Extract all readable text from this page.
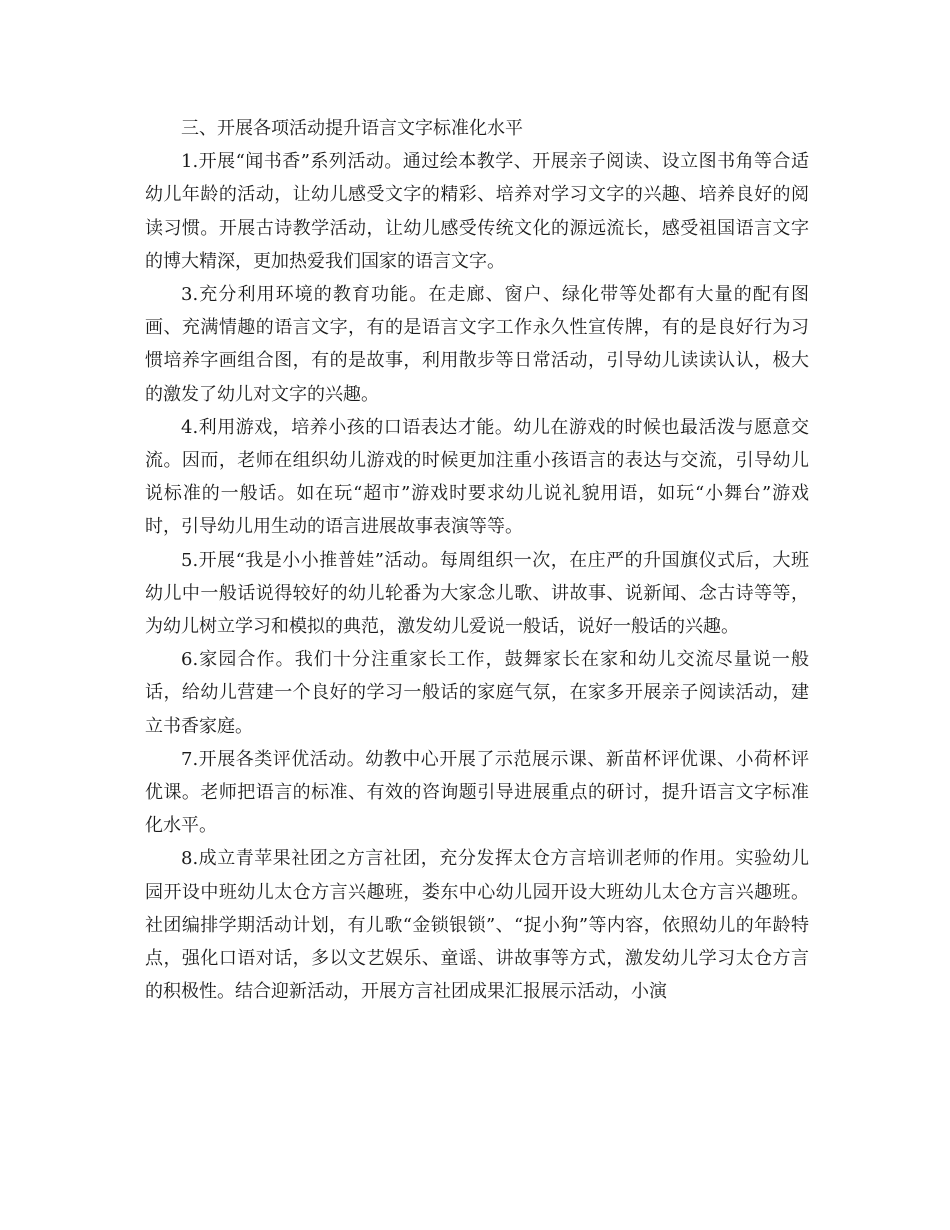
三、开展各项活动提升语言文字标准化水平

1.开展“闻书香”系列活动。通过绘本教学、开展亲子阅读、设立图书角等合适幼儿年龄的活动，让幼儿感受文字的精彩、培养对学习文字的兴趣、培养良好的阅读习惯。开展古诗教学活动，让幼儿感受传统文化的源远流长，感受祖国语言文字的博大精深，更加热爱我们国家的语言文字。

3.充分利用环境的教育功能。在走廊、窗户、绿化带等处都有大量的配有图画、充满情趣的语言文字，有的是语言文字工作永久性宣传牌，有的是良好行为习惯培养字画组合图，有的是故事，利用散步等日常活动，引导幼儿读读认认，极大的激发了幼儿对文字的兴趣。

4.利用游戏，培养小孩的口语表达才能。幼儿在游戏的时候也最活泼与愿意交流。因而，老师在组织幼儿游戏的时候更加注重小孩语言的表达与交流，引导幼儿说标准的一般话。如在玩“超市”游戏时要求幼儿说礼貌用语，如玩“小舞台”游戏时，引导幼儿用生动的语言进展故事表演等等。

5.开展“我是小小推普娃”活动。每周组织一次，在庄严的升国旗仪式后，大班幼儿中一般话说得较好的幼儿轮番为大家念儿歌、讲故事、说新闻、念古诗等等，为幼儿树立学习和模拟的典范，激发幼儿爱说一般话，说好一般话的兴趣。

6.家园合作。我们十分注重家长工作，鼓舞家长在家和幼儿交流尽量说一般话，给幼儿营建一个良好的学习一般话的家庭气氛，在家多开展亲子阅读活动，建立书香家庭。

7.开展各类评优活动。幼教中心开展了示范展示课、新苗杯评优课、小荷杯评优课。老师把语言的标准、有效的咨询题引导进展重点的研讨，提升语言文字标准化水平。

8.成立青苹果社团之方言社团，充分发挥太仓方言培训老师的作用。实验幼儿园开设中班幼儿太仓方言兴趣班，娄东中心幼儿园开设大班幼儿太仓方言兴趣班。社团编排学期活动计划，有儿歌“金锁银锁”、“捉小狗”等内容，依照幼儿的年龄特点，强化口语对话，多以文艺娱乐、童谣、讲故事等方式，激发幼儿学习太仓方言的积极性。结合迎新活动，开展方言社团成果汇报展示活动，小演
